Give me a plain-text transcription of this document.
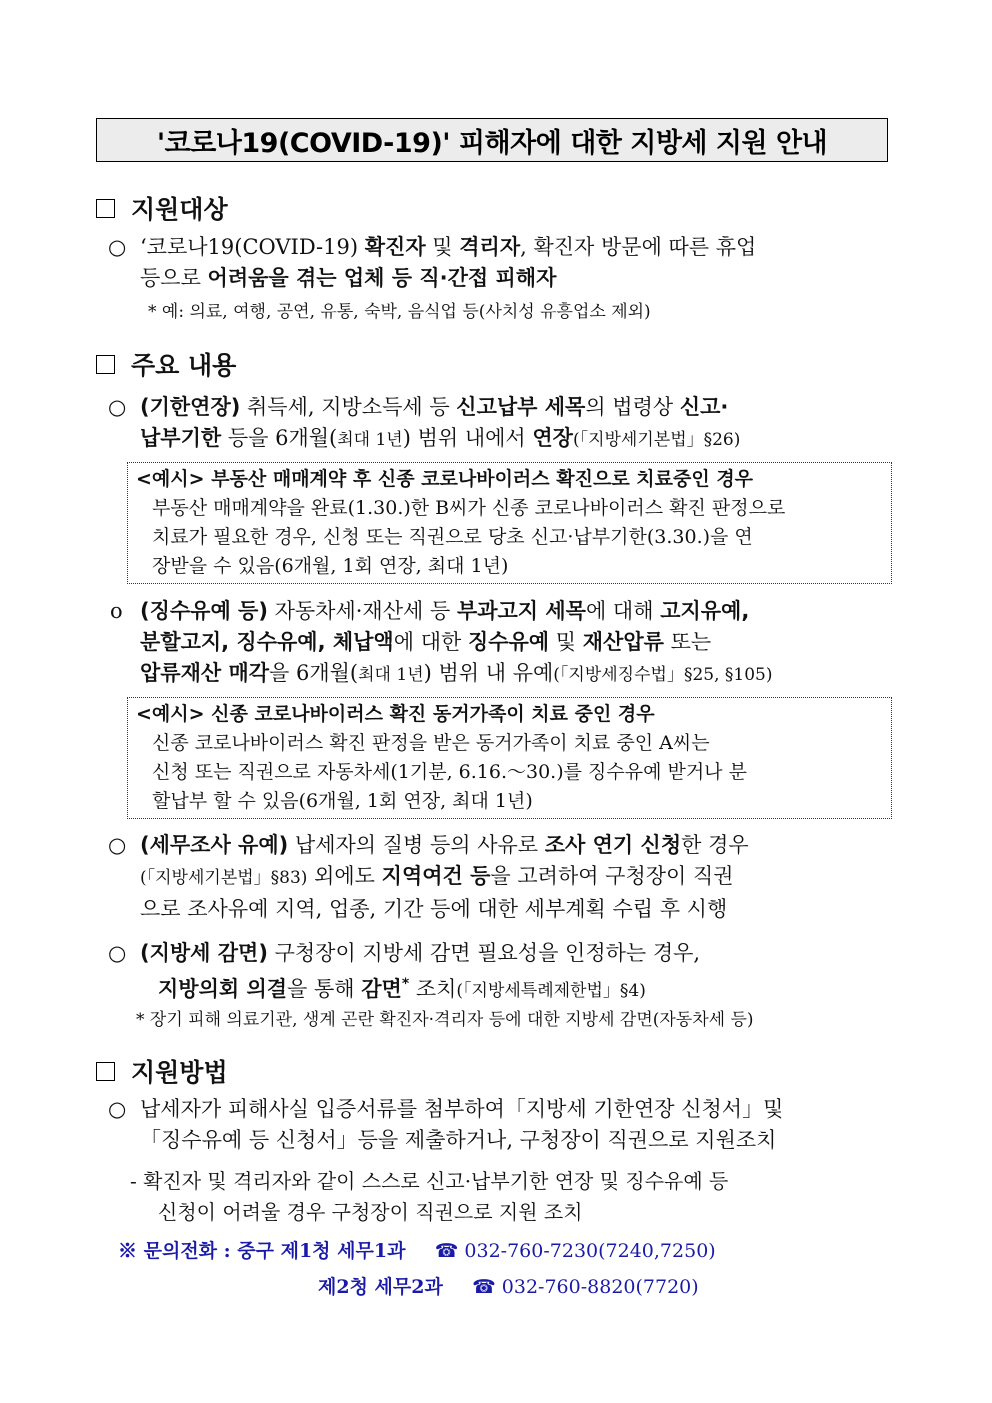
'코로나19(COVID-19)' 피해자에 대한 지방세 지원 안내
지원대상
○ ‘코로나19(COVID-19) 확진자 및 격리자, 확진자 방문에 따른 휴업
등으로 어려움을 겪는 업체 등 직·간접 피해자
* 예: 의료, 여행, 공연, 유통, 숙박, 음식업 등(사치성 유흥업소 제외)
주요 내용
○ (기한연장) 취득세, 지방소득세 등 신고납부 세목의 법령상 신고·
납부기한 등을 6개월(최대 1년) 범위 내에서 연장(「지방세기본법」§26)
<예시> 부동산 매매계약 후 신종 코로나바이러스 확진으로 치료중인 경우
부동산 매매계약을 완료(1.30.)한 B씨가 신종 코로나바이러스 확진 판정으로
치료가 필요한 경우, 신청 또는 직권으로 당초 신고·납부기한(3.30.)을 연
장받을 수 있음(6개월, 1회 연장, 최대 1년)
o (징수유예 등) 자동차세·재산세 등 부과고지 세목에 대해 고지유예,
분할고지, 징수유예, 체납액에 대한 징수유예 및 재산압류 또는
압류재산 매각을 6개월(최대 1년) 범위 내 유예(「지방세징수법」§25, §105)
<예시> 신종 코로나바이러스 확진 동거가족이 치료 중인 경우
신종 코로나바이러스 확진 판정을 받은 동거가족이 치료 중인 A씨는
신청 또는 직권으로 자동차세(1기분, 6.16.～30.)를 징수유예 받거나 분
할납부 할 수 있음(6개월, 1회 연장, 최대 1년)
○ (세무조사 유예) 납세자의 질병 등의 사유로 조사 연기 신청한 경우
(「지방세기본법」§83) 외에도 지역여건 등을 고려하여 구청장이 직권
으로 조사유예 지역, 업종, 기간 등에 대한 세부계획 수립 후 시행
○ (지방세 감면) 구청장이 지방세 감면 필요성을 인정하는 경우,
지방의회 의결을 통해 감면* 조치(「지방세특례제한법」§4)
* 장기 피해 의료기관, 생계 곤란 확진자·격리자 등에 대한 지방세 감면(자동차세 등)
지원방법
○ 납세자가 피해사실 입증서류를 첨부하여「지방세 기한연장 신청서」및
「징수유예 등 신청서」등을 제출하거나, 구청장이 직권으로 지원조치
- 확진자 및 격리자와 같이 스스로 신고·납부기한 연장 및 징수유예 등
신청이 어려울 경우 구청장이 직권으로 지원 조치
※ 문의전화 : 중구 제1청 세무1과 ☎ 032-760-7230(7240,7250)
제2청 세무2과 ☎ 032-760-8820(7720)
